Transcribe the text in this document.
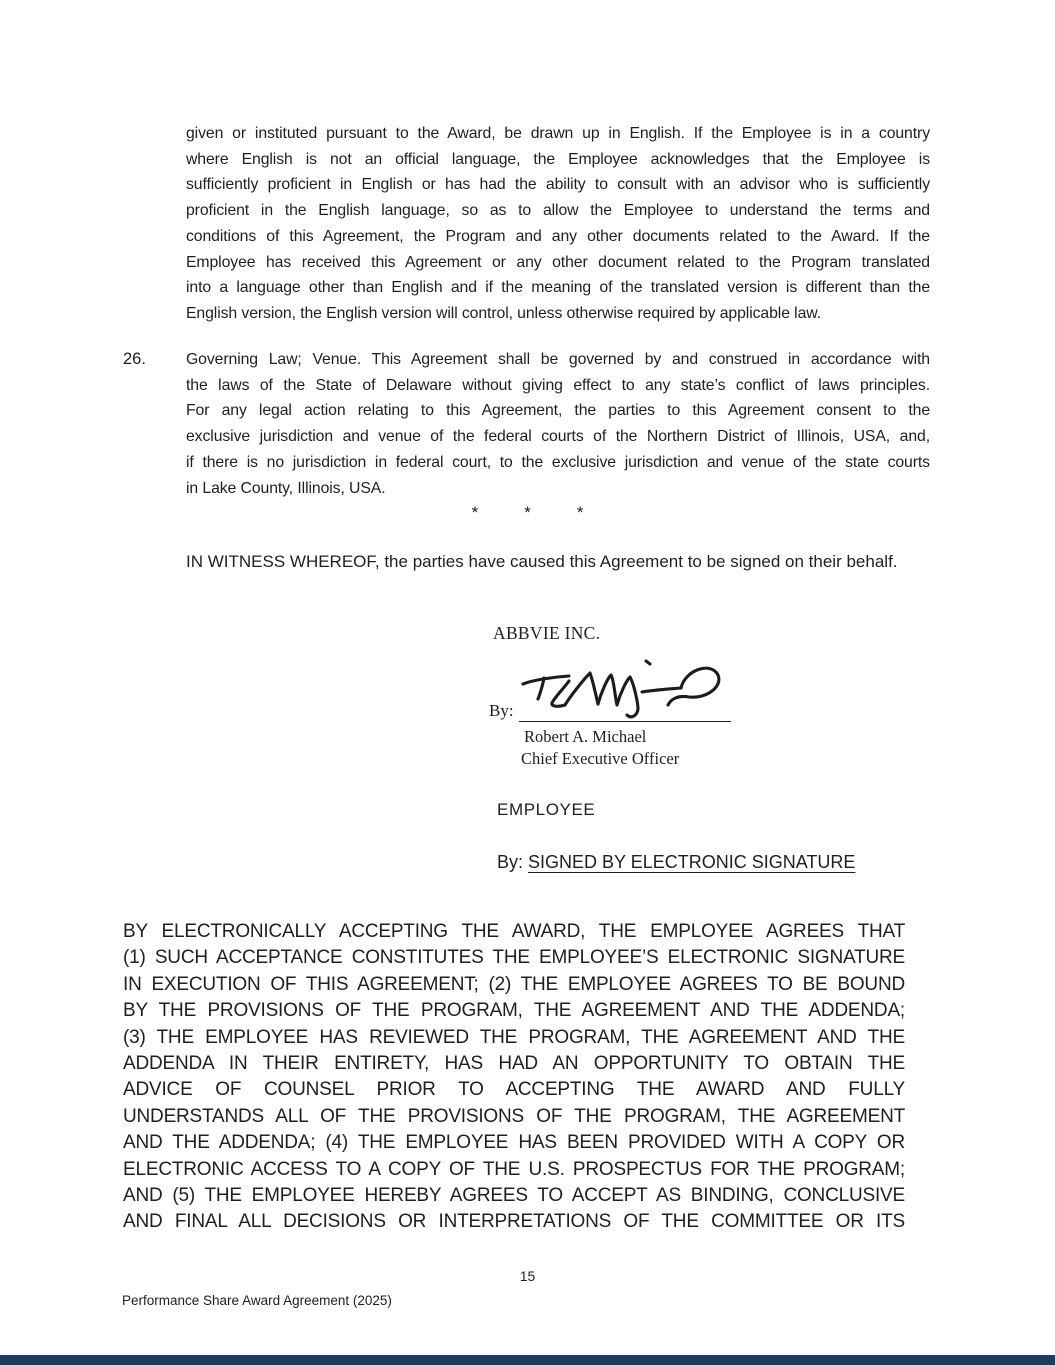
given or instituted pursuant to the Award, be drawn up in English. If the Employee is in a country
where English is not an official language, the Employee acknowledges that the Employee is
sufficiently proficient in English or has had the ability to consult with an advisor who is sufficiently
proficient in the English language, so as to allow the Employee to understand the terms and
conditions of this Agreement, the Program and any other documents related to the Award. If the
Employee has received this Agreement or any other document related to the Program translated
into a language other than English and if the meaning of the translated version is different than the
English version, the English version will control, unless otherwise required by applicable law.
26.	Governing Law; Venue. This Agreement shall be governed by and construed in accordance with
the laws of the State of Delaware without giving effect to any state’s conflict of laws principles.
For any legal action relating to this Agreement, the parties to this Agreement consent to the
exclusive jurisdiction and venue of the federal courts of the Northern District of Illinois, USA, and,
if there is no jurisdiction in federal court, to the exclusive jurisdiction and venue of the state courts
in Lake County, Illinois, USA.
*	*	*
IN WITNESS WHEREOF, the parties have caused this Agreement to be signed on their behalf.
ABBVIE INC.
By:
Robert A. Michael
Chief Executive Officer
EMPLOYEE
By: SIGNED BY ELECTRONIC SIGNATURE
BY ELECTRONICALLY ACCEPTING THE AWARD, THE EMPLOYEE AGREES THAT
(1) SUCH ACCEPTANCE CONSTITUTES THE EMPLOYEE’S ELECTRONIC SIGNATURE
IN EXECUTION OF THIS AGREEMENT; (2) THE EMPLOYEE AGREES TO BE BOUND
BY THE PROVISIONS OF THE PROGRAM, THE AGREEMENT AND THE ADDENDA;
(3) THE EMPLOYEE HAS REVIEWED THE PROGRAM, THE AGREEMENT AND THE
ADDENDA IN THEIR ENTIRETY, HAS HAD AN OPPORTUNITY TO OBTAIN THE
ADVICE OF COUNSEL PRIOR TO ACCEPTING THE AWARD AND FULLY
UNDERSTANDS ALL OF THE PROVISIONS OF THE PROGRAM, THE AGREEMENT
AND THE ADDENDA; (4) THE EMPLOYEE HAS BEEN PROVIDED WITH A COPY OR
ELECTRONIC ACCESS TO A COPY OF THE U.S. PROSPECTUS FOR THE PROGRAM;
AND (5) THE EMPLOYEE HEREBY AGREES TO ACCEPT AS BINDING, CONCLUSIVE
AND FINAL ALL DECISIONS OR INTERPRETATIONS OF THE COMMITTEE OR ITS
15
Performance Share Award Agreement (2025)
